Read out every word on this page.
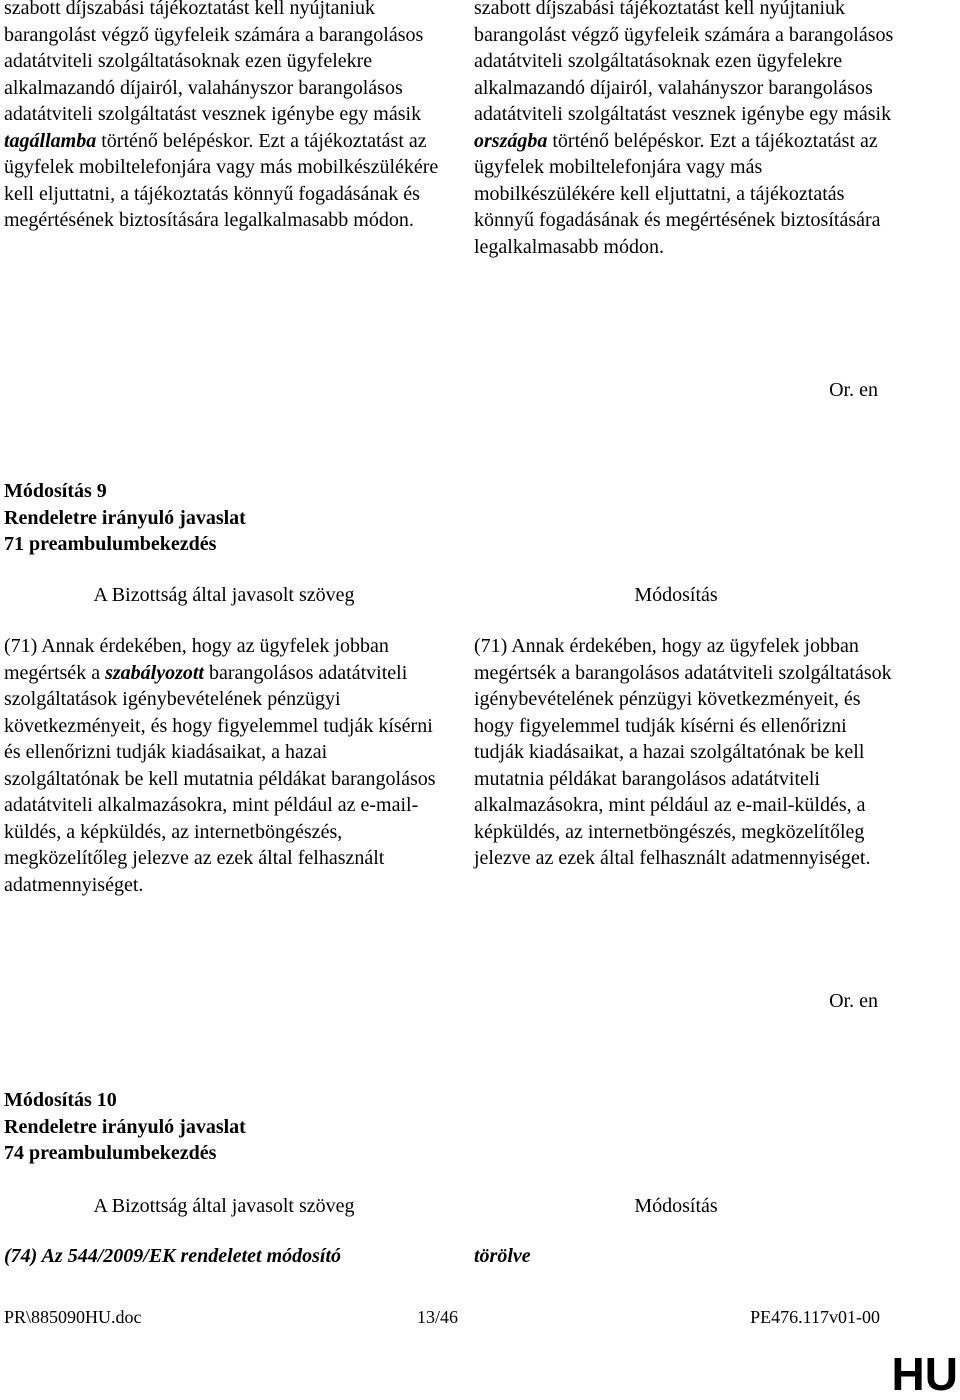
szabott díjszabási tájékoztatást kell nyújtaniuk barangolást végző ügyfeleik számára a barangolásos adatátviteli szolgáltatásoknak ezen ügyfelekre alkalmazandó díjairól, valahányszor barangolásos adatátviteli szolgáltatást vesznek igénybe egy másik tagállamba történő belépéskor. Ezt a tájékoztatást az ügyfelek mobiltelefonjára vagy más mobilkészülékére kell eljuttatni, a tájékoztatás könnyű fogadásának és megértésének biztosítására legalkalmasabb módon.

szabott díjszabási tájékoztatást kell nyújtaniuk barangolást végző ügyfeleik számára a barangolásos adatátviteli szolgáltatásoknak ezen ügyfelekre alkalmazandó díjairól, valahányszor barangolásos adatátviteli szolgáltatást vesznek igénybe egy másik országba történő belépéskor. Ezt a tájékoztatást az ügyfelek mobiltelefonjára vagy más mobilkészülékére kell eljuttatni, a tájékoztatás könnyű fogadásának és megértésének biztosítására legalkalmasabb módon.

Or. en
Módosítás 9
Rendeletre irányuló javaslat
71 preambulumbekezdés
A Bizottság által javasolt szöveg	Módosítás

(71) Annak érdekében, hogy az ügyfelek jobban megértsék a szabályozott barangolásos adatátviteli szolgáltatások igénybevételének pénzügyi következményeit, és hogy figyelemmel tudják kísérni és ellenőrizni tudják kiadásaikat, a hazai szolgáltatónak be kell mutatnia példákat barangolásos adatátviteli alkalmazásokra, mint például az e-mail-küldés, a képküldés, az internetböngészés, megközelítőleg jelezve az ezek által felhasznált adatmennyiséget.

(71) Annak érdekében, hogy az ügyfelek jobban megértsék a barangolásos adatátviteli szolgáltatások igénybevételének pénzügyi következményeit, és hogy figyelemmel tudják kísérni és ellenőrizni tudják kiadásaikat, a hazai szolgáltatónak be kell mutatnia példákat barangolásos adatátviteli alkalmazásokra, mint például az e-mail-küldés, a képküldés, az internetböngészés, megközelítőleg jelezve az ezek által felhasznált adatmennyiséget.

Or. en
Módosítás 10
Rendeletre irányuló javaslat
74 preambulumbekezdés
A Bizottság által javasolt szöveg	Módosítás

(74) Az 544/2009/EK rendeletet módosító	törölve

PR\885090HU.doc	13/46	PE476.117v01-00
HU
